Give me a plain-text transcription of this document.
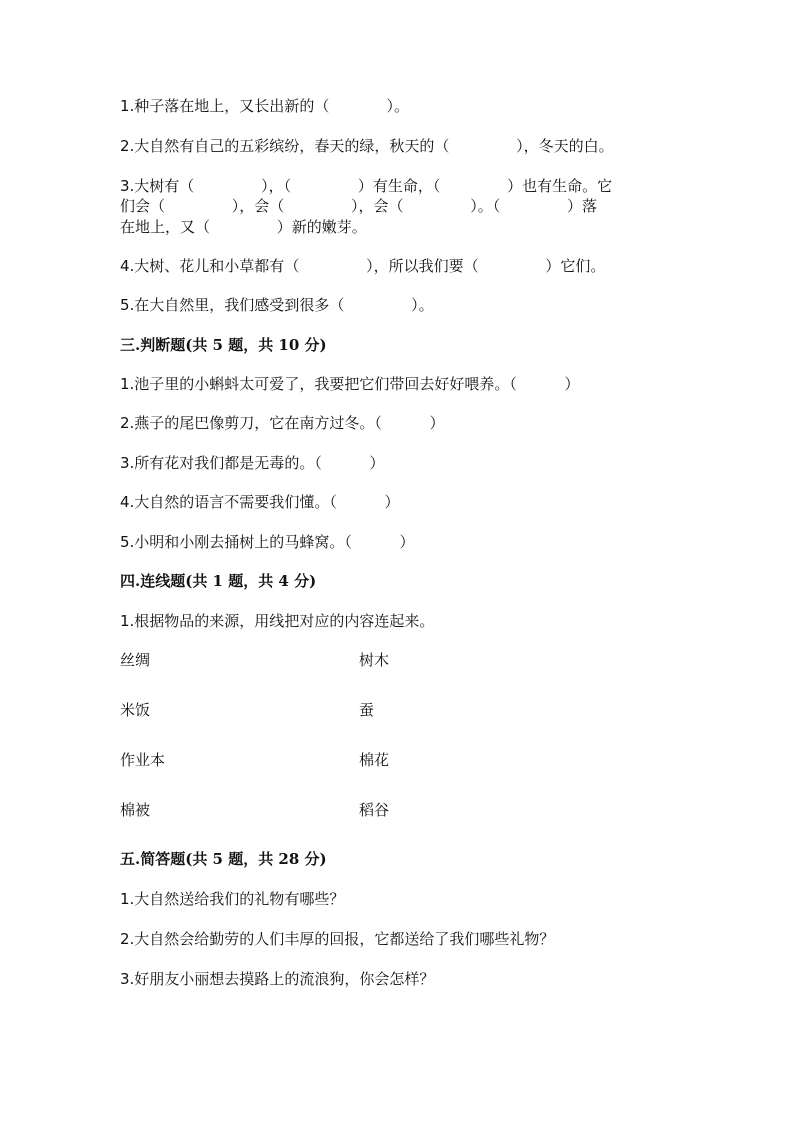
1.种子落在地上，又长出新的（            ）。
2.大自然有自己的五彩缤纷，春天的绿，秋天的（              ），冬天的白。
3.大树有（              ），（              ）有生命，（              ）也有生命。它
们会（              ），会（              ），会（              ）。（              ）落
在地上，又（              ）新的嫩芽。
4.大树、花儿和小草都有（              ），所以我们要（              ）它们。
5.在大自然里，我们感受到很多（              ）。
三.判断题(共 5 题，共 10 分)
1.池子里的小蝌蚪太可爱了，我要把它们带回去好好喂养。（          ）
2.燕子的尾巴像剪刀，它在南方过冬。（          ）
3.所有花对我们都是无毒的。（          ）
4.大自然的语言不需要我们懂。（          ）
5.小明和小刚去捅树上的马蜂窝。（          ）
四.连线题(共 1 题，共 4 分)
1.根据物品的来源，用线把对应的内容连起来。
丝绸	树木
米饭	蚕
作业本	棉花
棉被	稻谷
五.简答题(共 5 题，共 28 分)
1.大自然送给我们的礼物有哪些？
2.大自然会给勤劳的人们丰厚的回报，它都送给了我们哪些礼物？
3.好朋友小丽想去摸路上的流浪狗，你会怎样？
